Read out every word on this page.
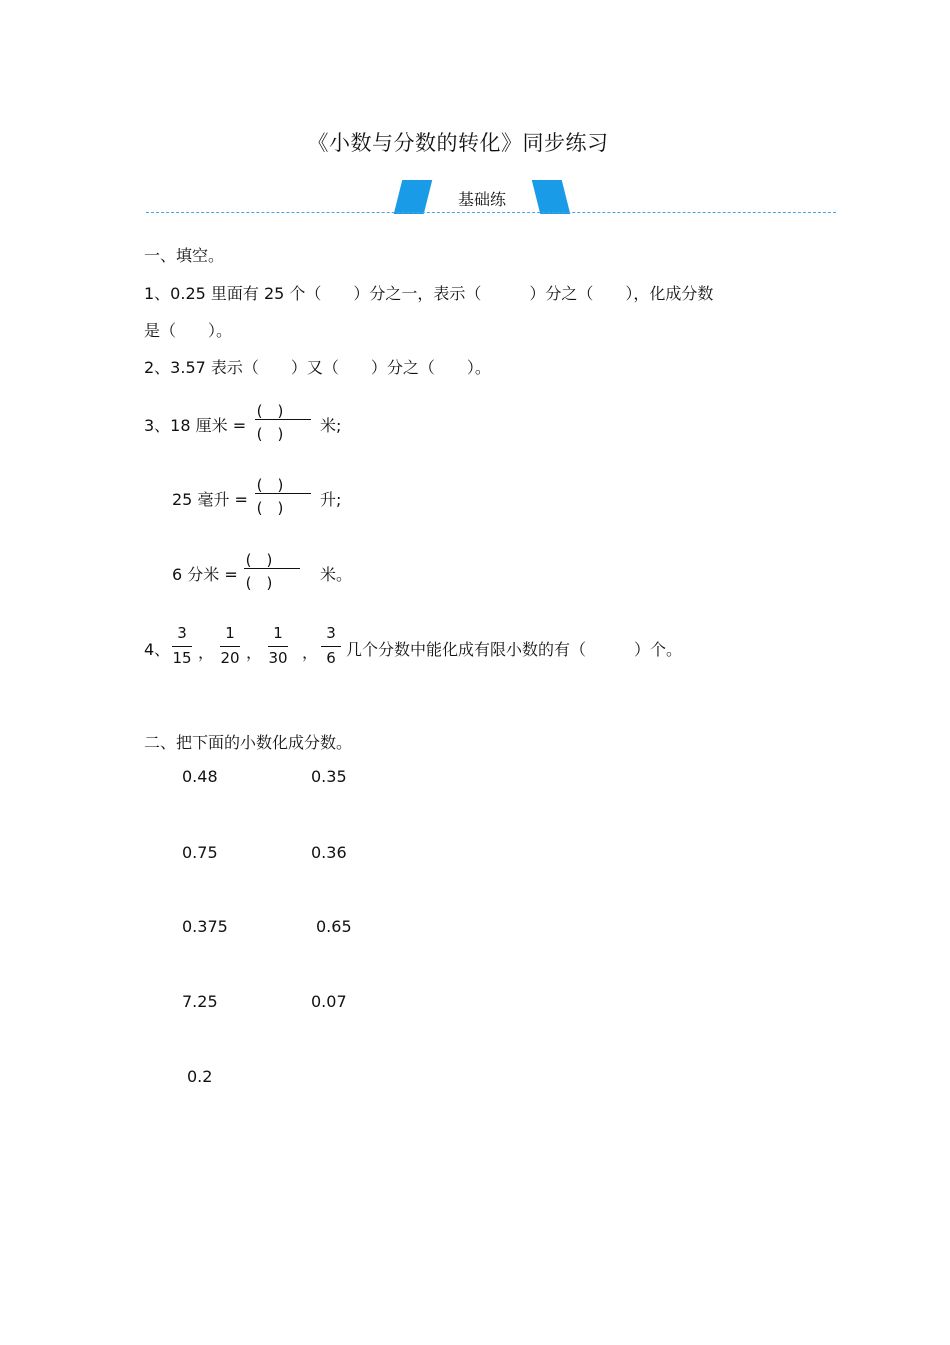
《小数与分数的转化》同步练习
基础练
一、填空。
1、0.25 里面有 25 个（　　）分之一，表示（　　　）分之（　　），化成分数
是（　　）。
2、3.57 表示（　　）又（　　）分之（　　）。
3、18 厘米 =
(　)
(　) 米;
25 毫升 =
(　)
(　) 升;
6 分米 =
(　)
(　)	米。
4、
3
15 ，
1
20 ，
1
30 ，
3
6 几个分数中能化成有限小数的有（　　　）个。
二、把下面的小数化成分数。
0.48	0.35
0.75	0.36
0.375	0.65
7.25	0.07
0.2
